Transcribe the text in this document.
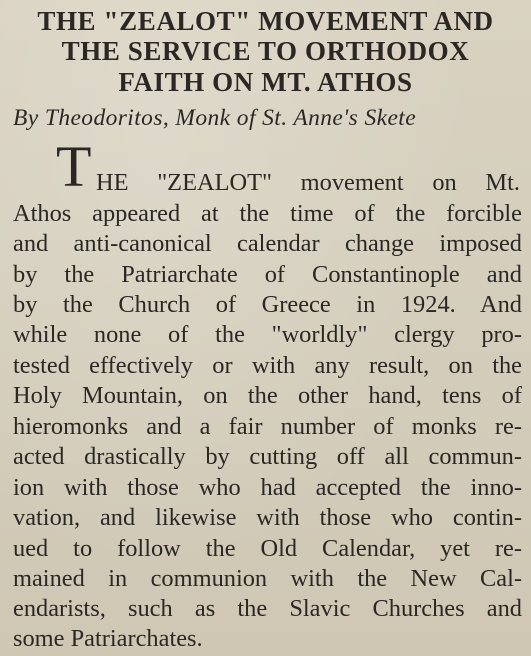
THE "ZEALOT" MOVEMENT AND
THE SERVICE TO ORTHODOX
FAITH ON MT. ATHOS
By Theodoritos, Monk of St. Anne's Skete
T HE "ZEALOT" movement on Mt.
Athos appeared at the time of the forcible
and anti-canonical calendar change imposed
by the Patriarchate of Constantinople and
by the Church of Greece in 1924. And
while none of the "worldly" clergy pro-
tested effectively or with any result, on the
Holy Mountain, on the other hand, tens of
hieromonks and a fair number of monks re-
acted drastically by cutting off all commun-
ion with those who had accepted the inno-
vation, and likewise with those who contin-
ued to follow the Old Calendar, yet re-
mained in communion with the New Cal-
endarists, such as the Slavic Churches and
some Patriarchates.
